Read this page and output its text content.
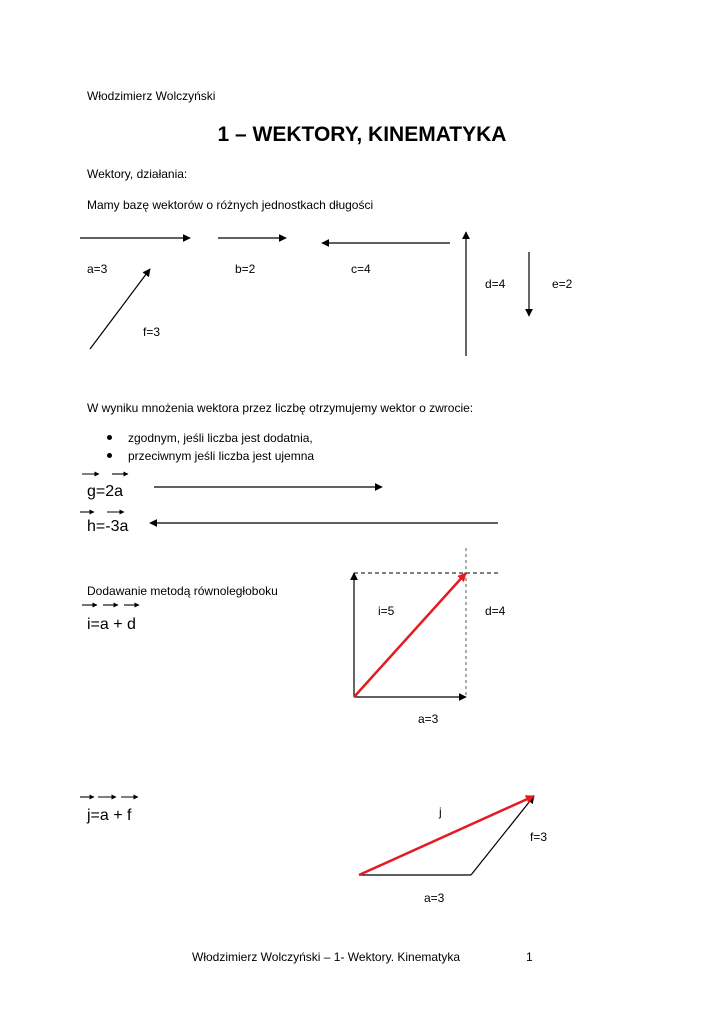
Włodzimierz Wolczyński
1 – WEKTORY, KINEMATYKA
Wektory, działania:
Mamy bazę wektorów o różnych jednostkach długości
a=3	b=2	c=4
d=4	e=2
f=3
W wyniku mnożenia wektora przez liczbę otrzymujemy wektor o zwrocie:
zgodnym, jeśli liczba jest dodatnia,
przeciwnym jeśli liczba jest ujemna
g=2a
h=-3a
Dodawanie metodą równoległoboku
i=a + d
i=5	d=4
a=3
j=a + f	j
f=3
a=3
Włodzimierz Wolczyński – 1- Wektory. Kinematyka	1
